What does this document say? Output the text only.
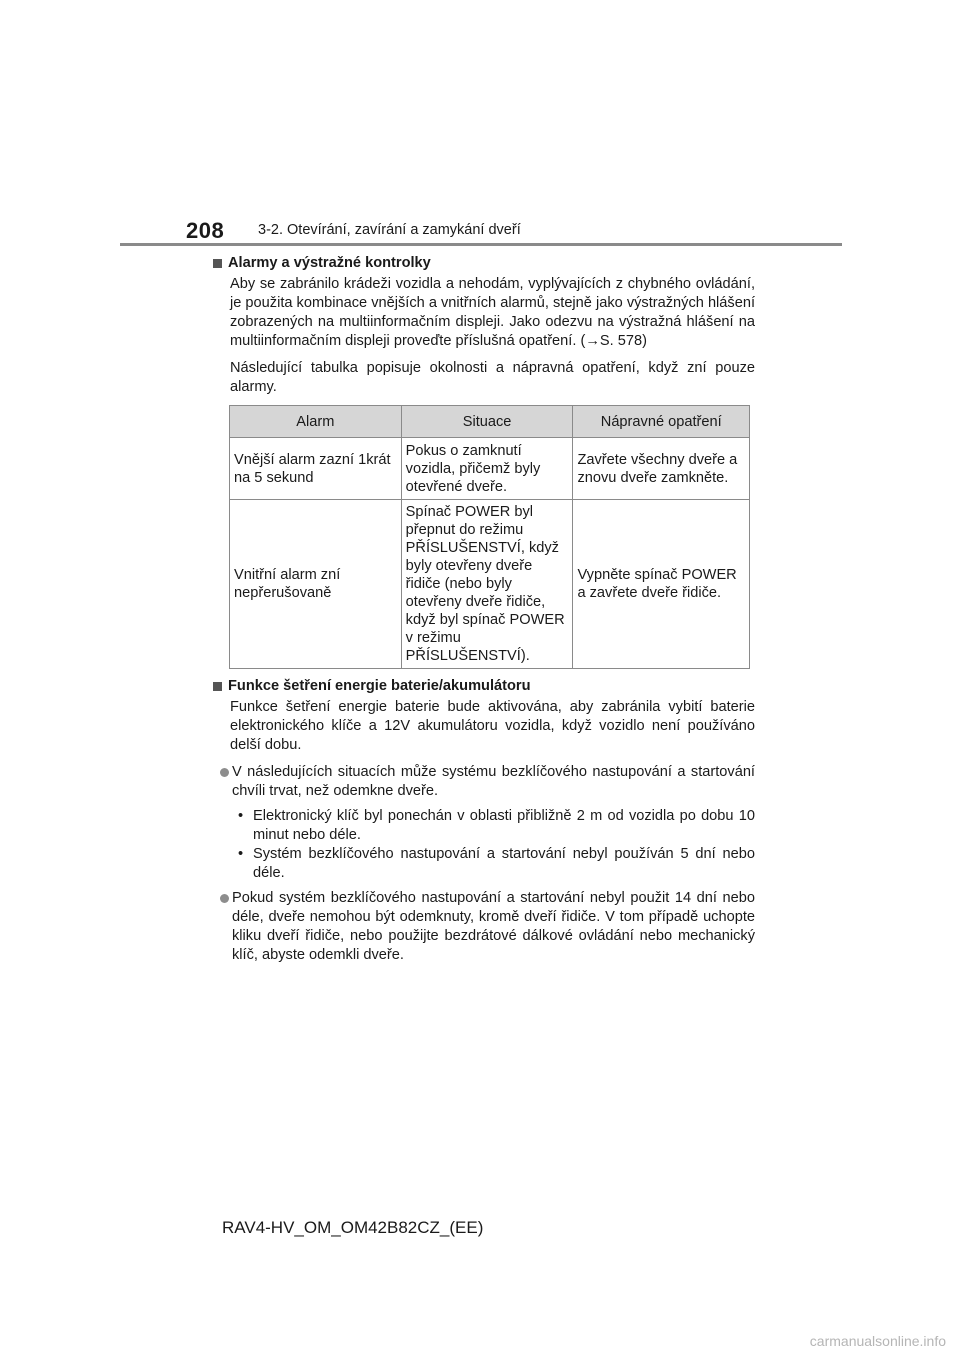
208 3-2. Otevírání, zavírání a zamykání dveří
Alarmy a výstražné kontrolky

Aby se zabránilo krádeži vozidla a nehodám, vyplývajících z chybného ovládání, je použita kombinace vnějších a vnitřních alarmů, stejně jako výstražných hlášení zobrazených na multiinformačním displeji. Jako odezvu na výstražná hlášení na multiinformačním displeji proveďte příslušná opatření. (→S. 578)

Následující tabulka popisuje okolnosti a nápravná opatření, když zní pouze alarmy.

Alarm	Situace	Nápravné opatření
Vnější alarm zazní 1krát na 5 sekund	Pokus o zamknutí vozidla, přičemž byly otevřené dveře.	Zavřete všechny dveře a znovu dveře zamkněte.
Vnitřní alarm zní nepřerušovaně	Spínač POWER byl přepnut do režimu PŘÍSLUŠENSTVÍ, když byly otevřeny dveře řidiče (nebo byly otevřeny dveře řidiče, když byl spínač POWER v režimu PŘÍSLUŠENSTVÍ).	Vypněte spínač POWER a zavřete dveře řidiče.
Funkce šetření energie baterie/akumulátoru

Funkce šetření energie baterie bude aktivována, aby zabránila vybití baterie elektronického klíče a 12V akumulátoru vozidla, když vozidlo není používáno delší dobu.

V následujících situacích může systému bezklíčového nastupování a startování chvíli trvat, než odemkne dveře.
• Elektronický klíč byl ponechán v oblasti přibližně 2 m od vozidla po dobu 10 minut nebo déle.
• Systém bezklíčového nastupování a startování nebyl používán 5 dní nebo déle.
Pokud systém bezklíčového nastupování a startování nebyl použit 14 dní nebo déle, dveře nemohou být odemknuty, kromě dveří řidiče. V tom případě uchopte kliku dveří řidiče, nebo použijte bezdrátové dálkové ovládání nebo mechanický klíč, abyste odemkli dveře.
RAV4-HV_OM_OM42B82CZ_(EE)
carmanualsonline.info
